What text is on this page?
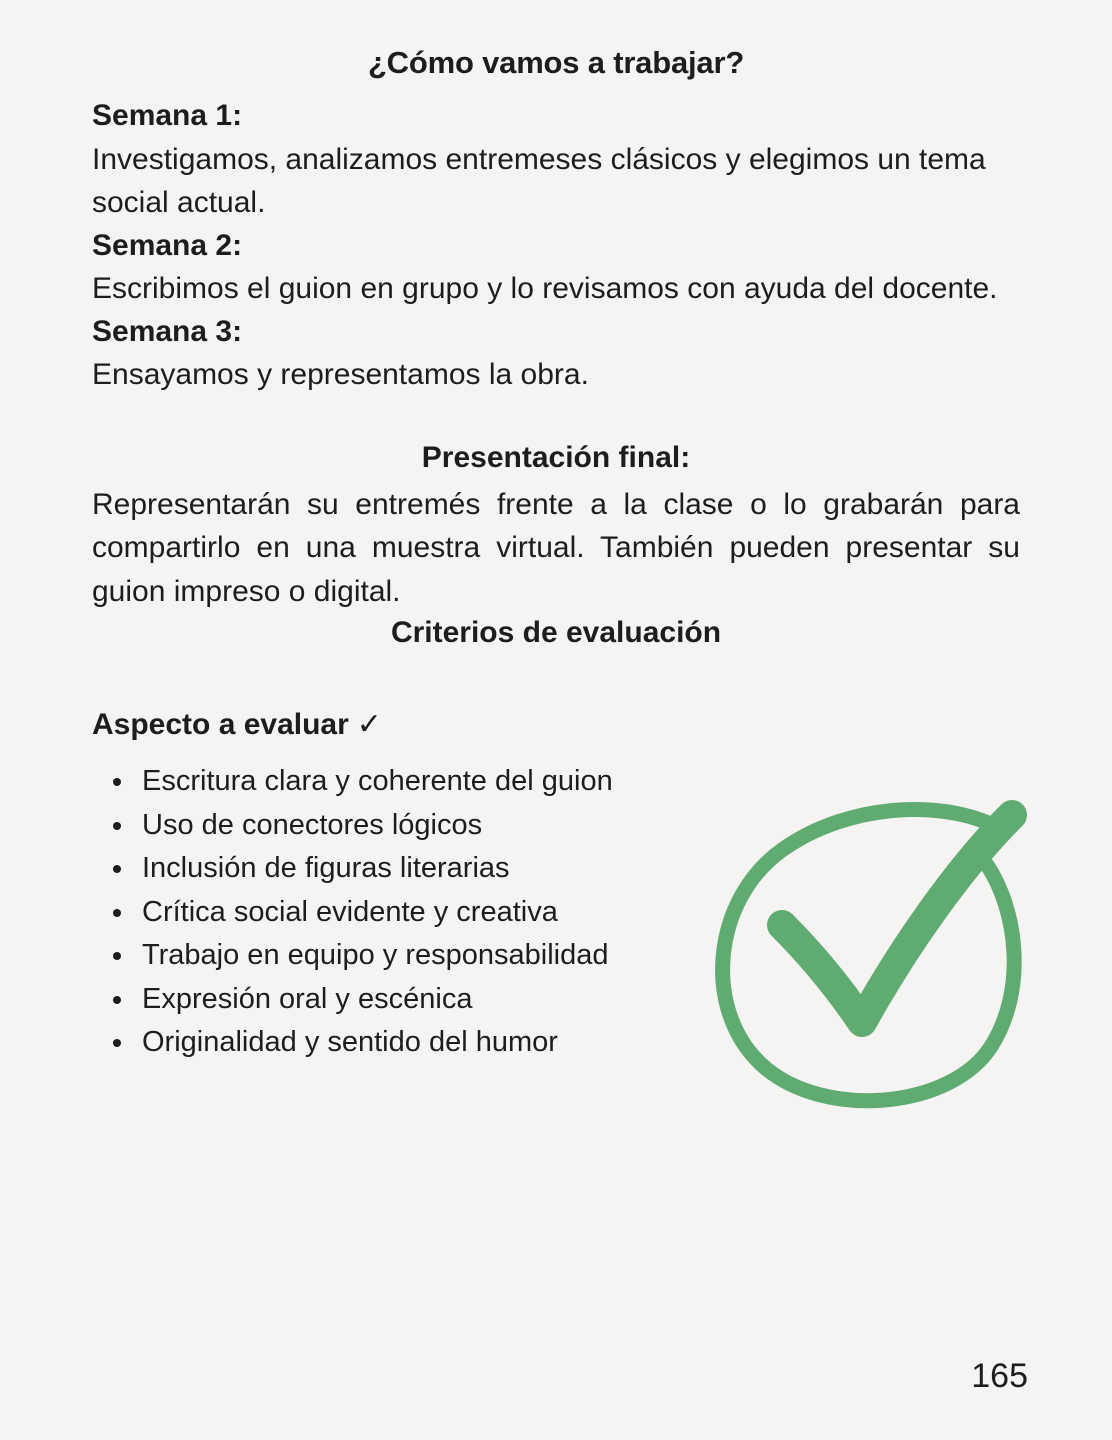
¿Cómo vamos a trabajar?

Semana 1:

Investigamos, analizamos entremeses clásicos y elegimos un tema social actual.

Semana 2:

Escribimos el guion en grupo y lo revisamos con ayuda del docente.

Semana 3:

Ensayamos y representamos la obra.

Presentación final:

Representarán su entremés frente a la clase o lo grabarán para compartirlo en una muestra virtual. También pueden presentar su guion impreso o digital.

Criterios de evaluación

Aspecto a evaluar ✓
• Escritura clara y coherente del guion
• Uso de conectores lógicos
• Inclusión de figuras literarias
• Crítica social evidente y creativa
• Trabajo en equipo y responsabilidad
• Expresión oral y escénica
• Originalidad y sentido del humor
165
